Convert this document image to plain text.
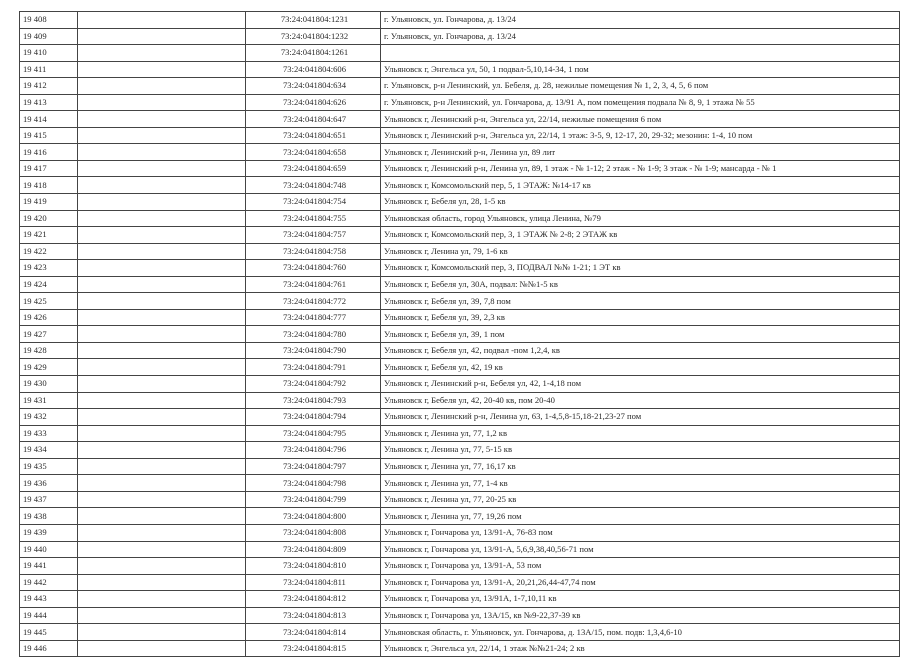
19 408		73:24:041804:1231	г. Ульяновск, ул. Гончарова, д. 13/24
19 409		73:24:041804:1232	г. Ульяновск, ул. Гончарова, д. 13/24
19 410		73:24:041804:1261	
19 411		73:24:041804:606	Ульяновск г, Энгельса ул, 50, 1 подвал-5,10,14-34, 1 пом
19 412		73:24:041804:634	г. Ульяновск, р-н Ленинский, ул. Бебеля, д. 28, нежилые помещения № 1, 2, 3, 4, 5, 6 пом
19 413		73:24:041804:626	г. Ульяновск, р-н Ленинский, ул. Гончарова, д. 13/91 А, пом помещения подвала № 8, 9, 1 этажа № 55
19 414		73:24:041804:647	Ульяновск г, Ленинский р-н, Энгельса ул, 22/14, нежилые помещения 6 пом
19 415		73:24:041804:651	Ульяновск г, Ленинский р-н, Энгельса ул, 22/14, 1 этаж: 3-5, 9, 12-17, 20, 29-32; мезонин: 1-4, 10 пом
19 416		73:24:041804:658	Ульяновск г, Ленинский р-н, Ленина ул, 89 лит
19 417		73:24:041804:659	Ульяновск г, Ленинский р-н, Ленина ул, 89, 1 этаж - № 1-12; 2 этаж - № 1-9; 3 этаж - № 1-9; мансарда - № 1
19 418		73:24:041804:748	Ульяновск г, Комсомольский пер, 5, 1 ЭТАЖ: №14-17 кв
19 419		73:24:041804:754	Ульяновск г, Бебеля ул, 28, 1-5 кв
19 420		73:24:041804:755	Ульяновская область, город Ульяновск, улица Ленина, №79
19 421		73:24:041804:757	Ульяновск г, Комсомольский пер, 3, 1 ЭТАЖ № 2-8; 2 ЭТАЖ кв
19 422		73:24:041804:758	Ульяновск г, Ленина ул, 79, 1-6 кв
19 423		73:24:041804:760	Ульяновск г, Комсомольский пер, 3, ПОДВАЛ №№ 1-21; 1 ЭТ кв
19 424		73:24:041804:761	Ульяновск г, Бебеля ул, 30А, подвал: №№1-5 кв
19 425		73:24:041804:772	Ульяновск г, Бебеля ул, 39, 7,8 пом
19 426		73:24:041804:777	Ульяновск г, Бебеля ул, 39, 2,3 кв
19 427		73:24:041804:780	Ульяновск г, Бебеля ул, 39, 1 пом
19 428		73:24:041804:790	Ульяновск г, Бебеля ул, 42, подвал -пом 1,2,4, кв
19 429		73:24:041804:791	Ульяновск г, Бебеля ул, 42, 19 кв
19 430		73:24:041804:792	Ульяновск г, Ленинский р-н, Бебеля ул, 42, 1-4,18 пом
19 431		73:24:041804:793	Ульяновск г, Бебеля ул, 42, 20-40 кв, пом 20-40
19 432		73:24:041804:794	Ульяновск г, Ленинский р-н, Ленина ул, 63, 1-4,5,8-15,18-21,23-27 пом
19 433		73:24:041804:795	Ульяновск г, Ленина ул, 77, 1,2 кв
19 434		73:24:041804:796	Ульяновск г, Ленина ул, 77, 5-15 кв
19 435		73:24:041804:797	Ульяновск г, Ленина ул, 77, 16,17 кв
19 436		73:24:041804:798	Ульяновск г, Ленина ул, 77, 1-4 кв
19 437		73:24:041804:799	Ульяновск г, Ленина ул, 77, 20-25 кв
19 438		73:24:041804:800	Ульяновск г, Ленина ул, 77, 19,26 пом
19 439		73:24:041804:808	Ульяновск г, Гончарова ул, 13/91-А, 76-83 пом
19 440		73:24:041804:809	Ульяновск г, Гончарова ул, 13/91-А, 5,6,9,38,40,56-71 пом
19 441		73:24:041804:810	Ульяновск г, Гончарова ул, 13/91-А, 53 пом
19 442		73:24:041804:811	Ульяновск г, Гончарова ул, 13/91-А, 20,21,26,44-47,74 пом
19 443		73:24:041804:812	Ульяновск г, Гончарова ул, 13/91А, 1-7,10,11 кв
19 444		73:24:041804:813	Ульяновск г, Гончарова ул, 13А/15, кв №9-22,37-39 кв
19 445		73:24:041804:814	Ульяновская область, г. Ульяновск, ул. Гончарова, д. 13А/15, пом. подв: 1,3,4,6-10
19 446		73:24:041804:815	Ульяновск г, Энгельса ул, 22/14, 1 этаж №№21-24; 2 кв
